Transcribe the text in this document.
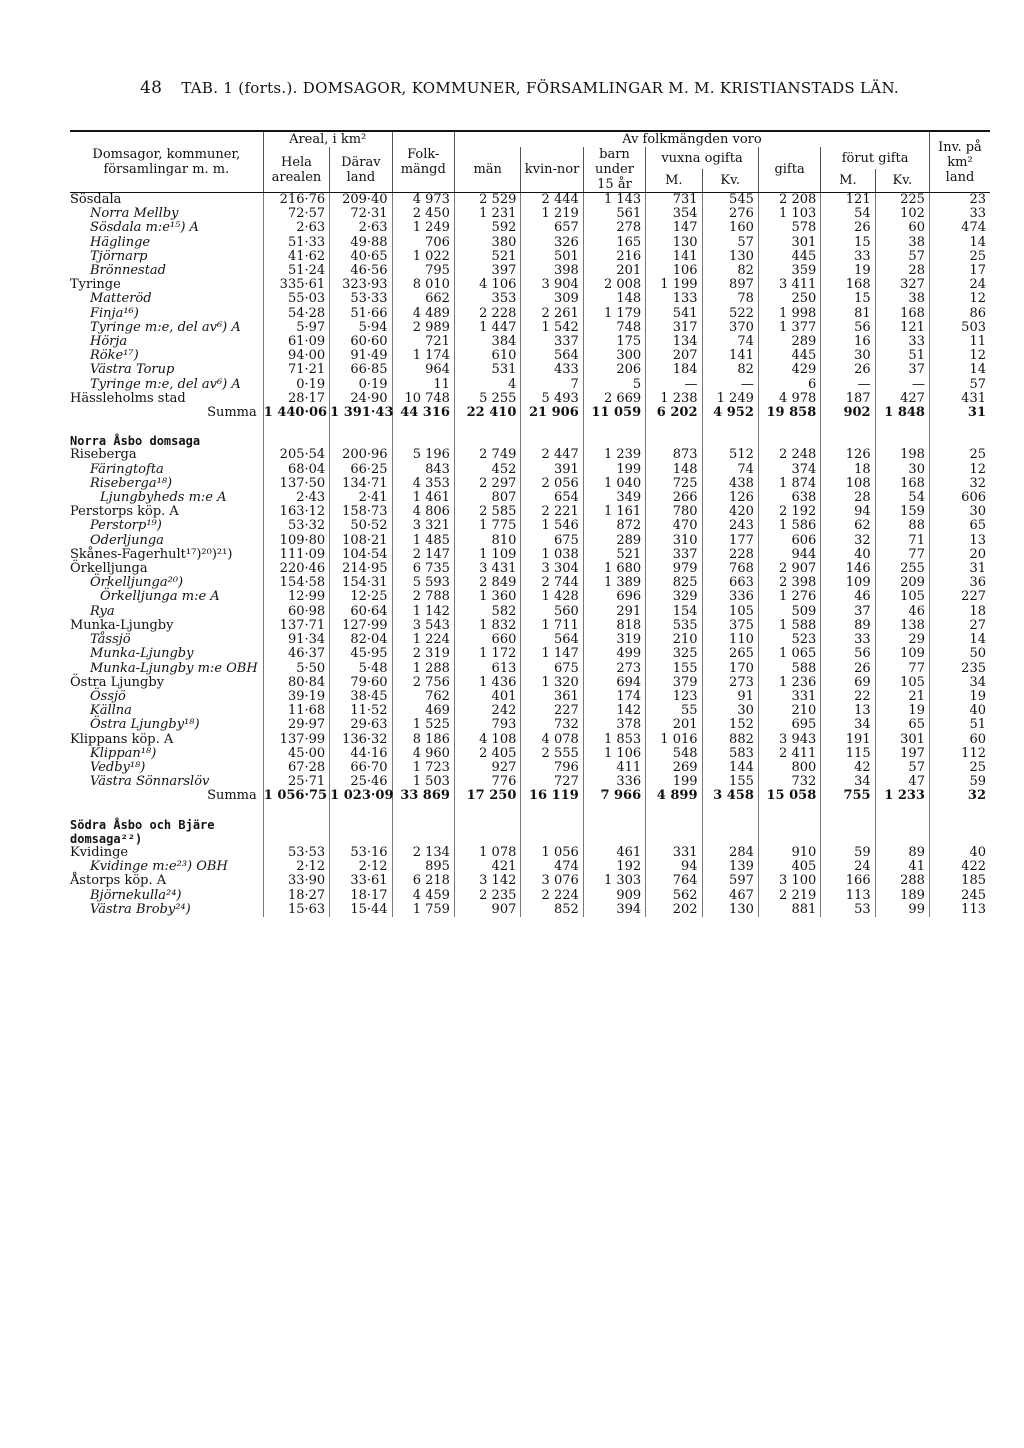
48 TAB. 1 (forts.). DOMSAGOR, KOMMUNER, FÖRSAMLINGAR M. M. KRISTIANSTADS LÄN.
Domsagor, kommuner, församlingar m. m.	Areal, i km²		Folk-mängd	Av folkmängden voro								Inv. på km² land
	Hela arealen	Därav land		män	kvin-nor	barn under 15 år	vuxna ogifta		gifta	förut gifta		
							M.	Kv.		M.	Kv.	
Sösdala	216·76	209·40	4 973	2 529	2 444	1 143	731	545	2 208	121	225	23
Norra Mellby	72·57	72·31	2 450	1 231	1 219	561	354	276	1 103	54	102	33
Sösdala m:e¹⁵) A	2·63	2·63	1 249	592	657	278	147	160	578	26	60	474
Häglinge	51·33	49·88	706	380	326	165	130	57	301	15	38	14
Tjörnarp	41·62	40·65	1 022	521	501	216	141	130	445	33	57	25
Brönnestad	51·24	46·56	795	397	398	201	106	82	359	19	28	17
Tyringe	335·61	323·93	8 010	4 106	3 904	2 008	1 199	897	3 411	168	327	24
Matteröd	55·03	53·33	662	353	309	148	133	78	250	15	38	12
Finja¹⁶)	54·28	51·66	4 489	2 228	2 261	1 179	541	522	1 998	81	168	86
Tyringe m:e, del av⁶) A	5·97	5·94	2 989	1 447	1 542	748	317	370	1 377	56	121	503
Hörja	61·09	60·60	721	384	337	175	134	74	289	16	33	11
Röke¹⁷)	94·00	91·49	1 174	610	564	300	207	141	445	30	51	12
Västra Torup	71·21	66·85	964	531	433	206	184	82	429	26	37	14
Tyringe m:e, del av⁶) A	0·19	0·19	11	4	7	5	—	—	6	—	—	57
Hässleholms stad	28·17	24·90	10 748	5 255	5 493	2 669	1 238	1 249	4 978	187	427	431
Summa	1 440·06	1 391·43	44 316	22 410	21 906	11 059	6 202	4 952	19 858	902	1 848	31

Norra Åsbo domsaga												
Riseberga	205·54	200·96	5 196	2 749	2 447	1 239	873	512	2 248	126	198	25
Färingtofta	68·04	66·25	843	452	391	199	148	74	374	18	30	12
Riseberga¹⁸)	137·50	134·71	4 353	2 297	2 056	1 040	725	438	1 874	108	168	32
Ljungbyheds m:e A	2·43	2·41	1 461	807	654	349	266	126	638	28	54	606
Perstorps köp. A	163·12	158·73	4 806	2 585	2 221	1 161	780	420	2 192	94	159	30
Perstorp¹⁹)	53·32	50·52	3 321	1 775	1 546	872	470	243	1 586	62	88	65
Oderljunga	109·80	108·21	1 485	810	675	289	310	177	606	32	71	13
Skånes-Fagerhult¹⁷)²⁰)²¹)	111·09	104·54	2 147	1 109	1 038	521	337	228	944	40	77	20
Örkelljunga	220·46	214·95	6 735	3 431	3 304	1 680	979	768	2 907	146	255	31
Örkelljunga²⁰)	154·58	154·31	5 593	2 849	2 744	1 389	825	663	2 398	109	209	36
Örkelljunga m:e A	12·99	12·25	2 788	1 360	1 428	696	329	336	1 276	46	105	227
Rya	60·98	60·64	1 142	582	560	291	154	105	509	37	46	18
Munka-Ljungby	137·71	127·99	3 543	1 832	1 711	818	535	375	1 588	89	138	27
Tåssjö	91·34	82·04	1 224	660	564	319	210	110	523	33	29	14
Munka-Ljungby	46·37	45·95	2 319	1 172	1 147	499	325	265	1 065	56	109	50
Munka-Ljungby m:e OBH	5·50	5·48	1 288	613	675	273	155	170	588	26	77	235
Östra Ljungby	80·84	79·60	2 756	1 436	1 320	694	379	273	1 236	69	105	34
Össjö	39·19	38·45	762	401	361	174	123	91	331	22	21	19
Källna	11·68	11·52	469	242	227	142	55	30	210	13	19	40
Östra Ljungby¹⁸)	29·97	29·63	1 525	793	732	378	201	152	695	34	65	51
Klippans köp. A	137·99	136·32	8 186	4 108	4 078	1 853	1 016	882	3 943	191	301	60
Klippan¹⁸)	45·00	44·16	4 960	2 405	2 555	1 106	548	583	2 411	115	197	112
Vedby¹⁸)	67·28	66·70	1 723	927	796	411	269	144	800	42	57	25
Västra Sönnarslöv	25·71	25·46	1 503	776	727	336	199	155	732	34	47	59
Summa	1 056·75	1 023·09	33 869	17 250	16 119	7 966	4 899	3 458	15 058	755	1 233	32

Södra Åsbo och Bjäre domsaga²²)												
Kvidinge	53·53	53·16	2 134	1 078	1 056	461	331	284	910	59	89	40
Kvidinge m:e²³) OBH	2·12	2·12	895	421	474	192	94	139	405	24	41	422
Åstorps köp. A	33·90	33·61	6 218	3 142	3 076	1 303	764	597	3 100	166	288	185
Björnekulla²⁴)	18·27	18·17	4 459	2 235	2 224	909	562	467	2 219	113	189	245
Västra Broby²⁴)	15·63	15·44	1 759	907	852	394	202	130	881	53	99	113
